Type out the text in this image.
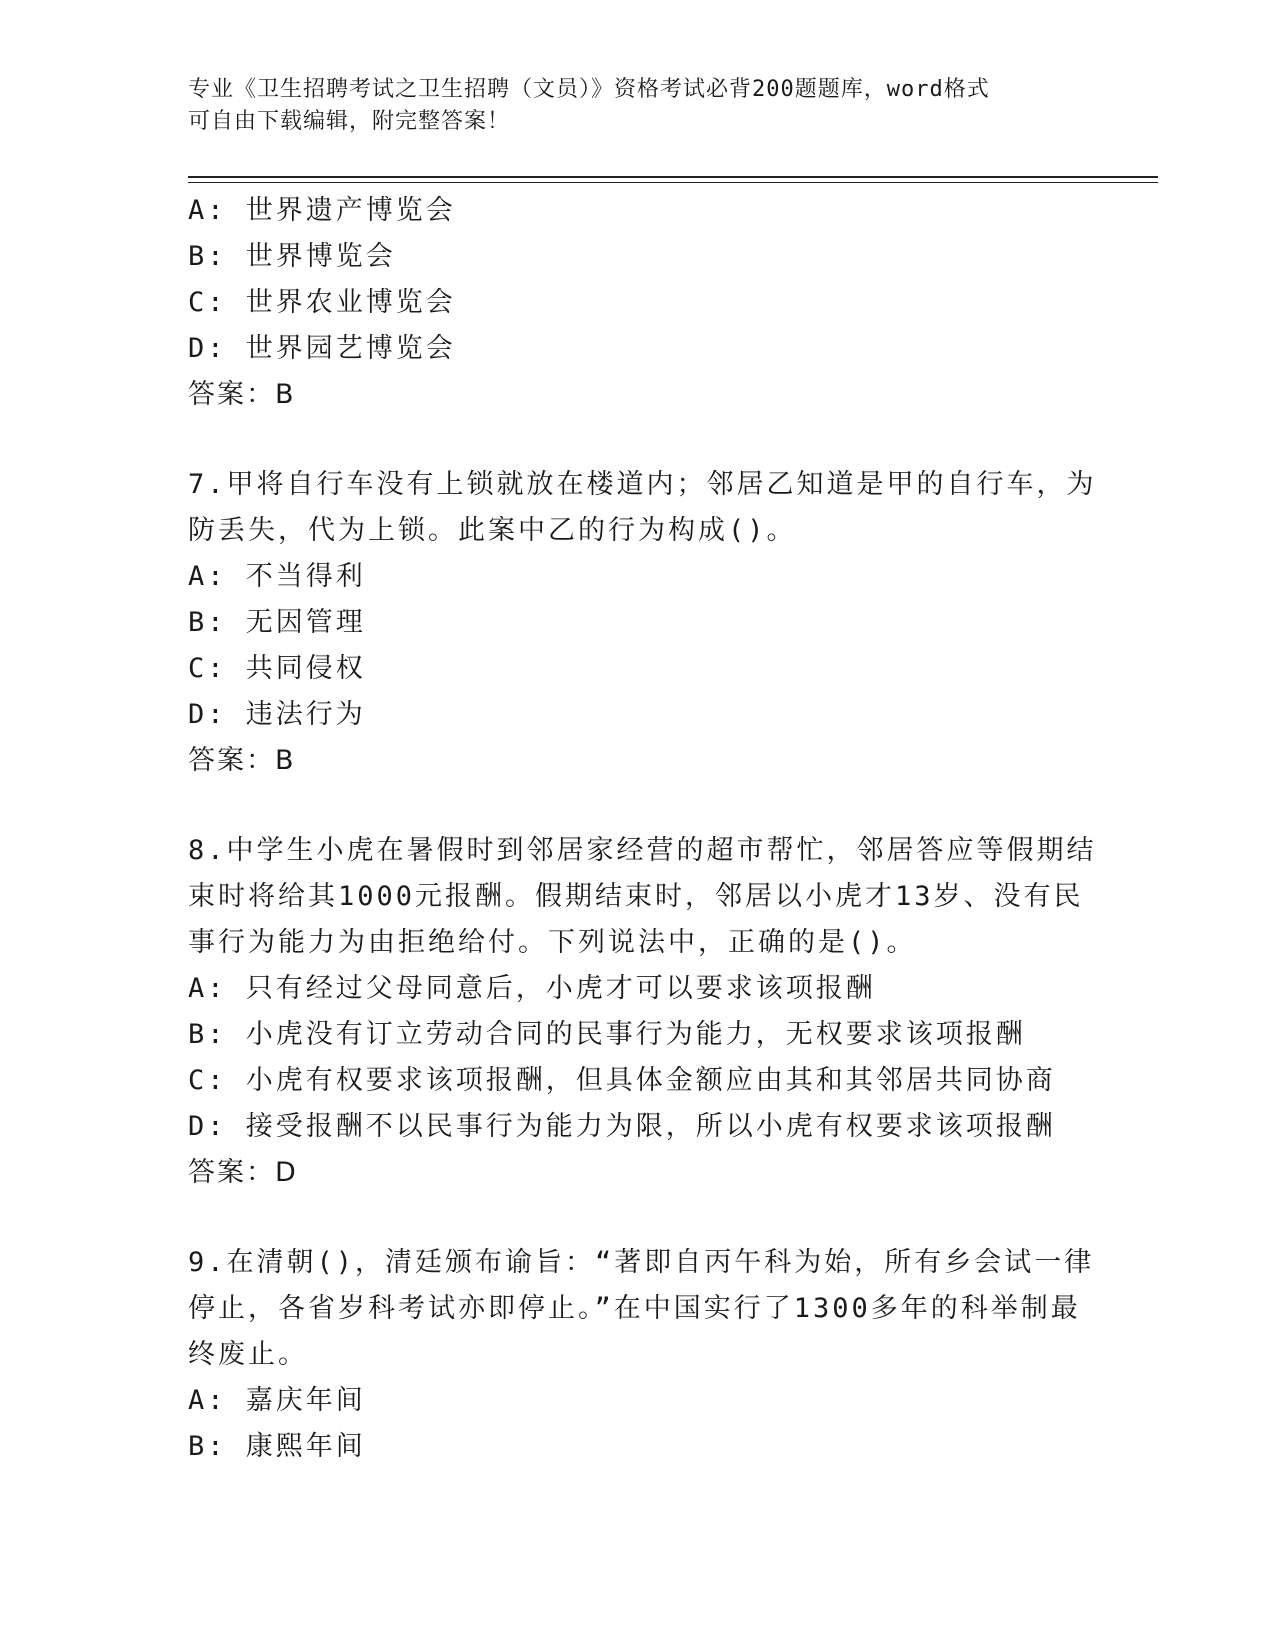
专业《卫生招聘考试之卫生招聘（文员）》资格考试必背200题题库，word格式
可自由下载编辑，附完整答案！
A: 世界遗产博览会
B: 世界博览会
C: 世界农业博览会
D: 世界园艺博览会
答案：B
7.甲将自行车没有上锁就放在楼道内；邻居乙知道是甲的自行车，为
防丢失，代为上锁。此案中乙的行为构成()。
A: 不当得利
B: 无因管理
C: 共同侵权
D: 违法行为
答案：B
8.中学生小虎在暑假时到邻居家经营的超市帮忙，邻居答应等假期结
束时将给其1000元报酬。假期结束时，邻居以小虎才13岁、没有民
事行为能力为由拒绝给付。下列说法中，正确的是()。
A: 只有经过父母同意后，小虎才可以要求该项报酬
B: 小虎没有订立劳动合同的民事行为能力，无权要求该项报酬
C: 小虎有权要求该项报酬，但具体金额应由其和其邻居共同协商
D: 接受报酬不以民事行为能力为限，所以小虎有权要求该项报酬
答案：D
9.在清朝()，清廷颁布谕旨：“著即自丙午科为始，所有乡会试一律
停止，各省岁科考试亦即停止。”在中国实行了1300多年的科举制最
终废止。
A: 嘉庆年间
B: 康熙年间
